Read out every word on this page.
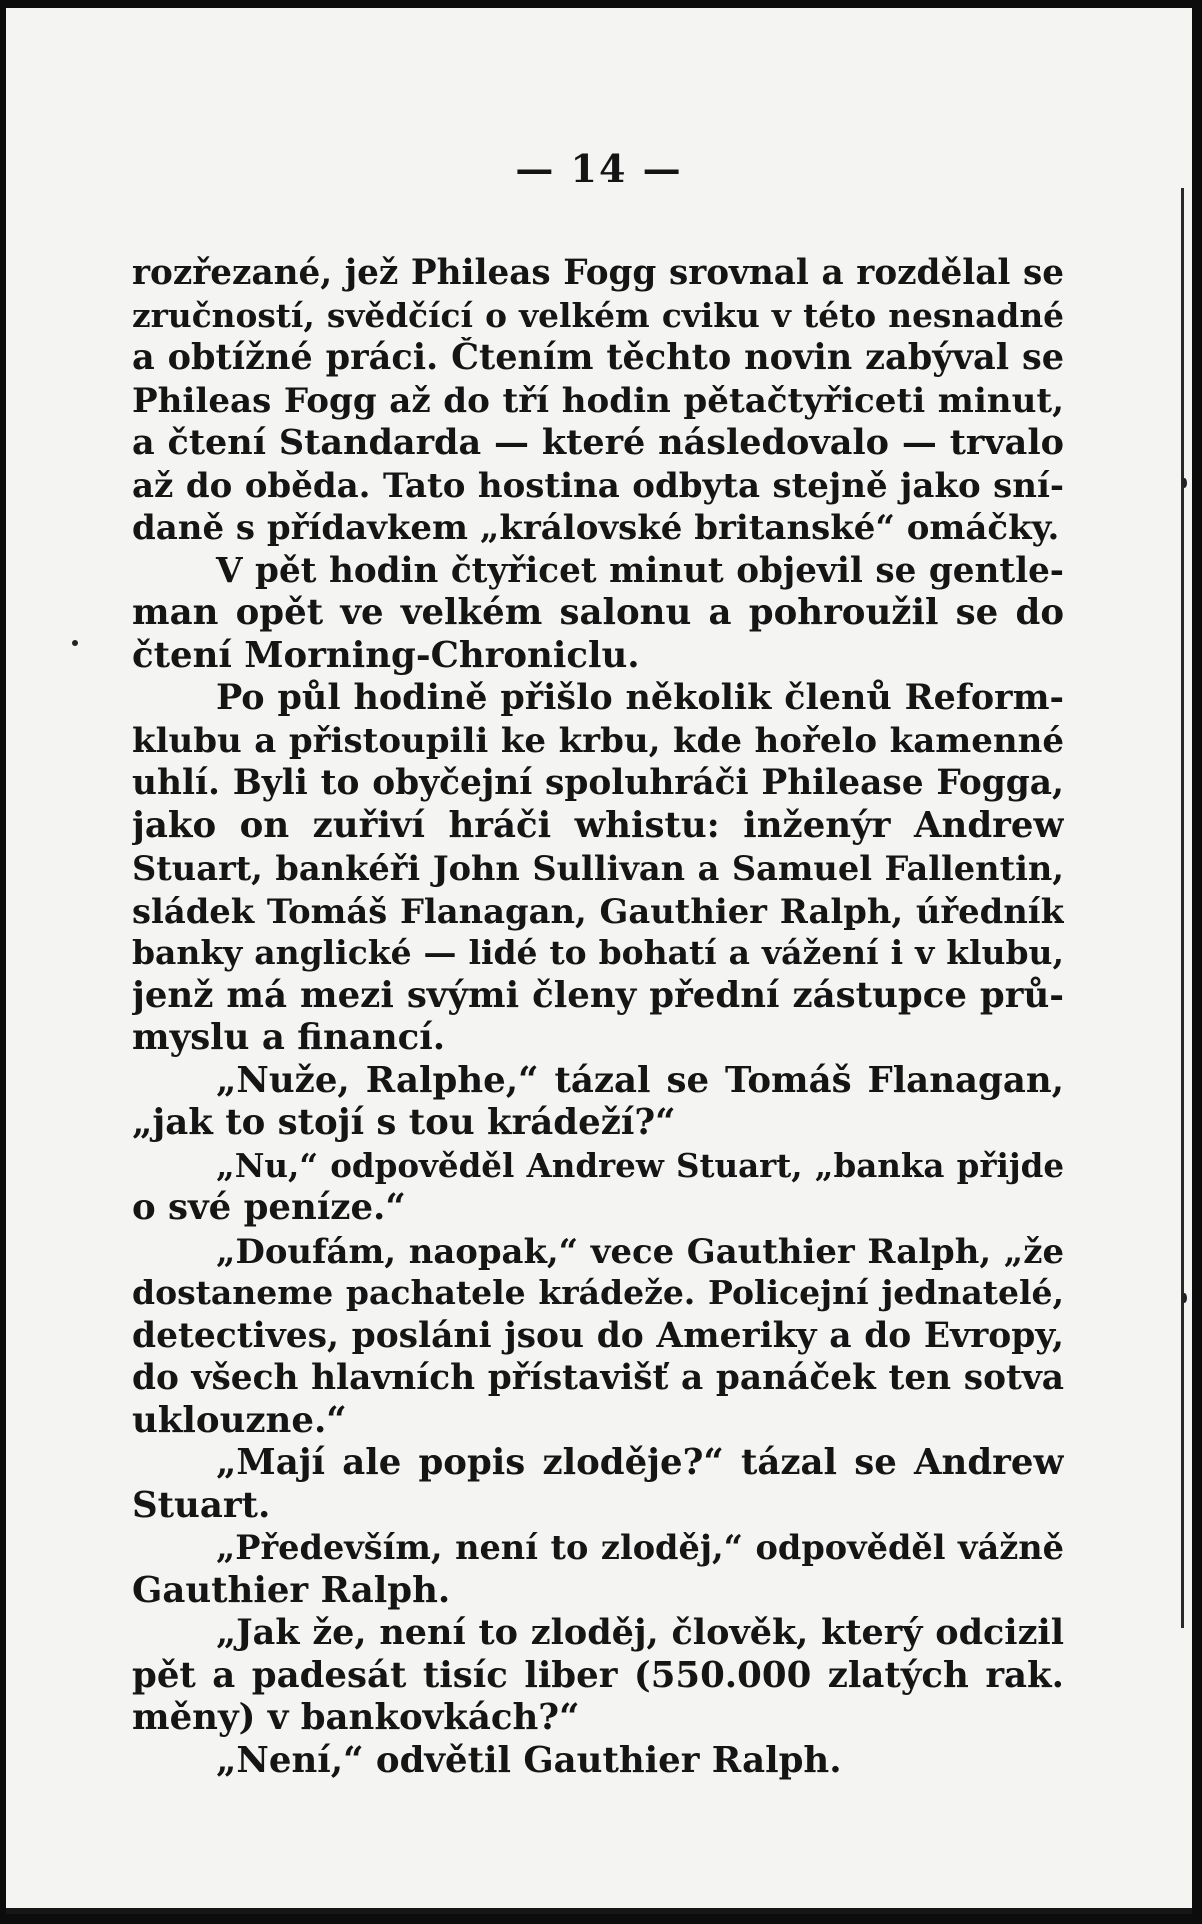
— 14 —
rozřezané, jež Phileas Fogg srovnal a rozdělal se
zručností, svědčící o velkém cviku v této nesnadné
a obtížné práci. Čtením těchto novin zabýval se
Phileas Fogg až do tří hodin pětačtyřiceti minut,
a čtení Standarda — které následovalo — trvalo
až do oběda. Tato hostina odbyta stejně jako sní-
daně s přídavkem „královské britanské“ omáčky.
V pět hodin čtyřicet minut objevil se gentle-
man opět ve velkém salonu a pohroužil se do
čtení Morning-Chroniclu.
Po půl hodině přišlo několik členů Reform-
klubu a přistoupili ke krbu, kde hořelo kamenné
uhlí. Byli to obyčejní spoluhráči Philease Fogga,
jako on zuřiví hráči whistu: inženýr Andrew
Stuart, bankéři John Sullivan a Samuel Fallentin,
sládek Tomáš Flanagan, Gauthier Ralph, úředník
banky anglické — lidé to bohatí a vážení i v klubu,
jenž má mezi svými členy přední zástupce prů-
myslu a financí.
„Nuže, Ralphe,“ tázal se Tomáš Flanagan,
„jak to stojí s tou krádeží?“
„Nu,“ odpověděl Andrew Stuart, „banka přijde
o své peníze.“
„Doufám, naopak,“ vece Gauthier Ralph, „že
dostaneme pachatele krádeže. Policejní jednatelé,
detectives, posláni jsou do Ameriky a do Evropy,
do všech hlavních přístavišť a panáček ten sotva
uklouzne.“
„Mají ale popis zloděje?“ tázal se Andrew
Stuart.
„Především, není to zloděj,“ odpověděl vážně
Gauthier Ralph.
„Jak že, není to zloděj, člověk, který odcizil
pět a padesát tisíc liber (550.000 zlatých rak.
měny) v bankovkách?“
„Není,“ odvětil Gauthier Ralph.
